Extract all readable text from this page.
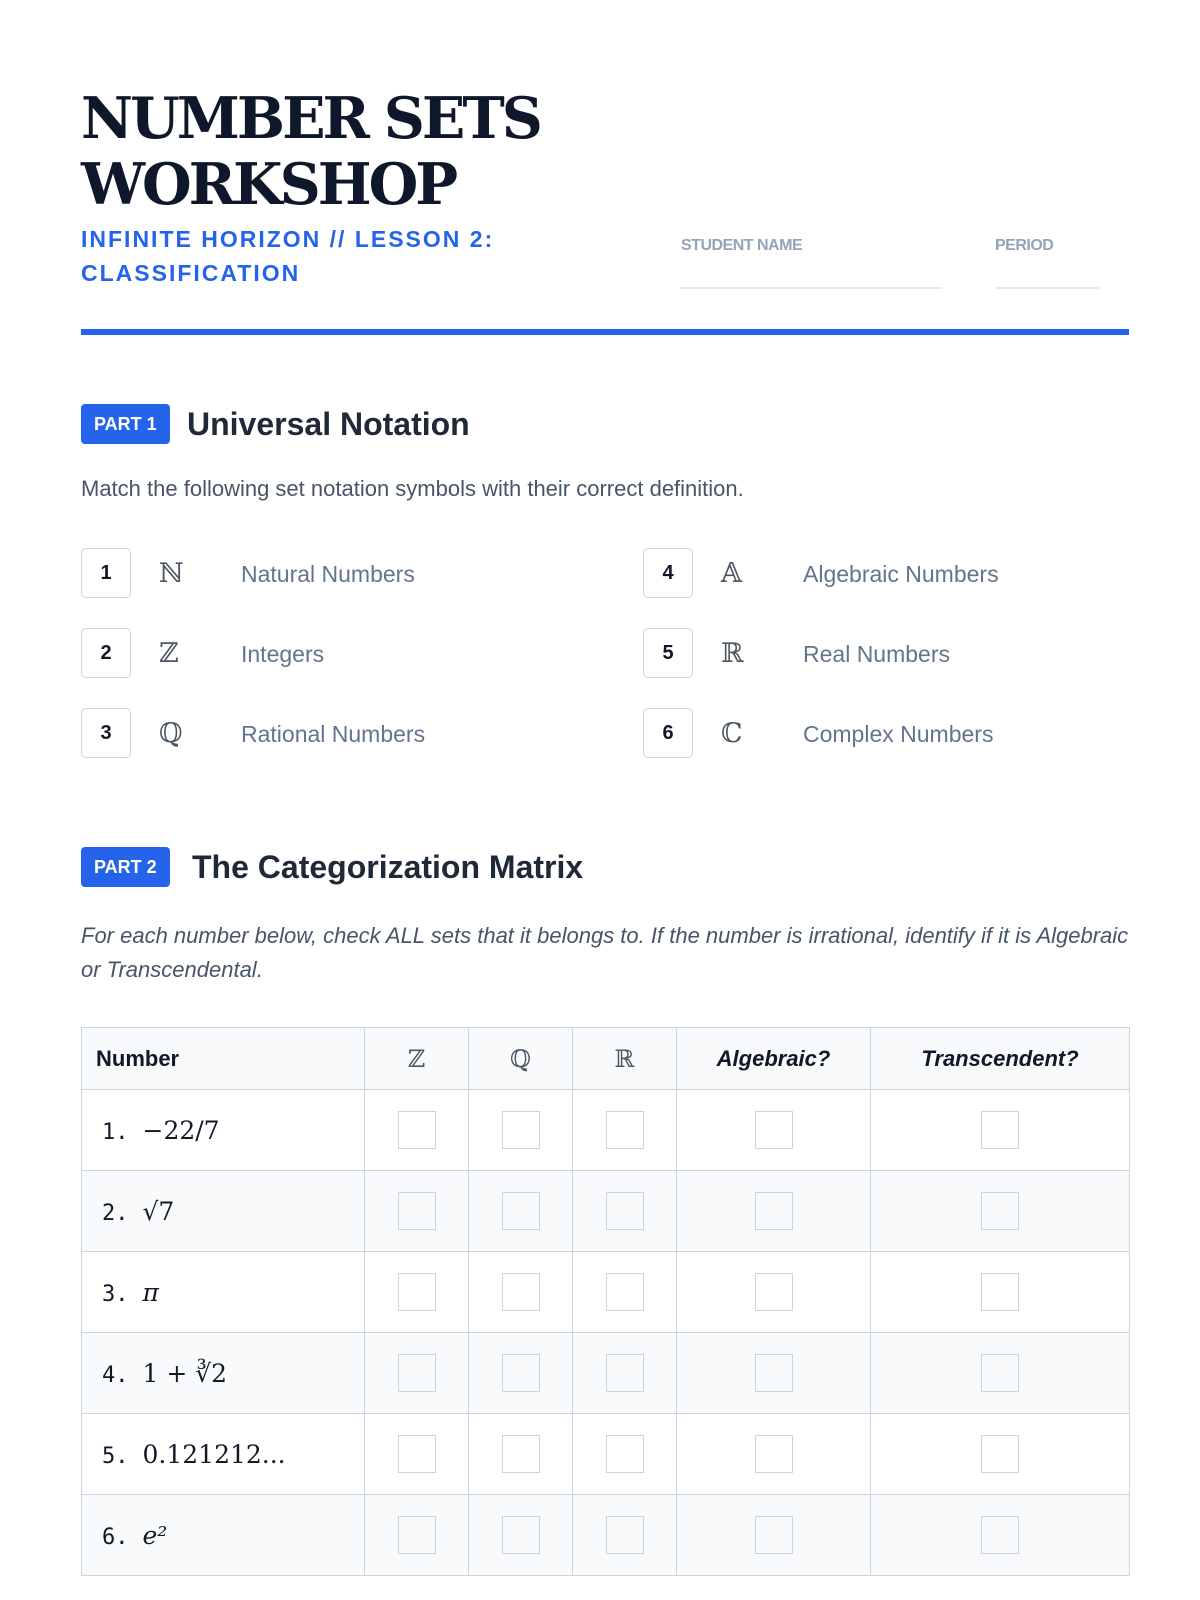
NUMBER SETS
WORKSHOP
INFINITE HORIZON // LESSON 2:
CLASSIFICATION
STUDENT NAME	PERIOD
PART 1 Universal Notation

Match the following set notation symbols with their correct definition.

1	ℕ Natural Numbers
2	ℤ	Integers
3	ℚ	Rational Numbers
4	𝔸	Algebraic Numbers
5	ℝ	Real Numbers
6	ℂ	Complex Numbers
PART 2	The Categorization Matrix

For each number below, check ALL sets that it belongs to. If the number is irrational, identify if it is Algebraic or Transcendental.

Number	ℤ	ℚ	ℝ	Algebraic?	Transcendent?
1. −22/7					
2. √7					
3. π					
4. 1 + ∛2					
5. 0.121212...					
6. e²					
